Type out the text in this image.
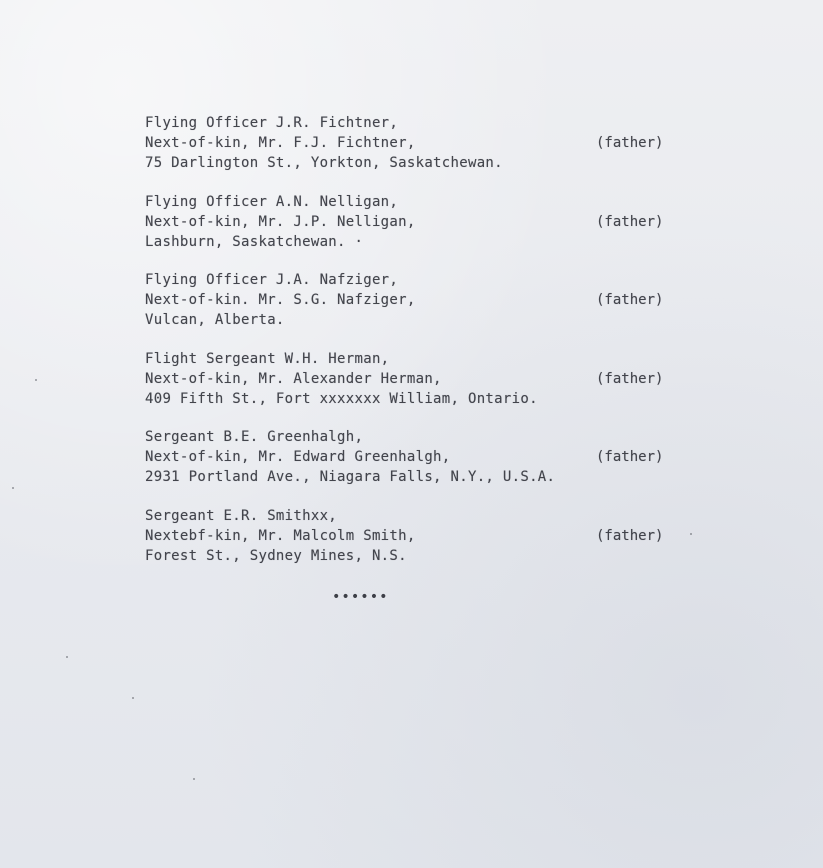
Flying Officer J.R. Fichtner,
Next-of-kin, Mr. F.J. Fichtner,	(father)
75 Darlington St., Yorkton, Saskatchewan.
Flying Officer A.N. Nelligan,
Next-of-kin, Mr. J.P. Nelligan,	(father)
Lashburn, Saskatchewan. ·
Flying Officer J.A. Nafziger,
Next-of-kin. Mr. S.G. Nafziger,	(father)
Vulcan, Alberta.
Flight Sergeant W.H. Herman,
Next-of-kin, Mr. Alexander Herman,	(father)
409 Fifth St., Fort xxxxxxx William, Ontario.
Sergeant B.E. Greenhalgh,
Next-of-kin, Mr. Edward Greenhalgh,	(father)
2931 Portland Ave., Niagara Falls, N.Y., U.S.A.
Sergeant E.R. Smithxx,
Nextebf-kin, Mr. Malcolm Smith,	(father)
Forest St., Sydney Mines, N.S.
••••••
